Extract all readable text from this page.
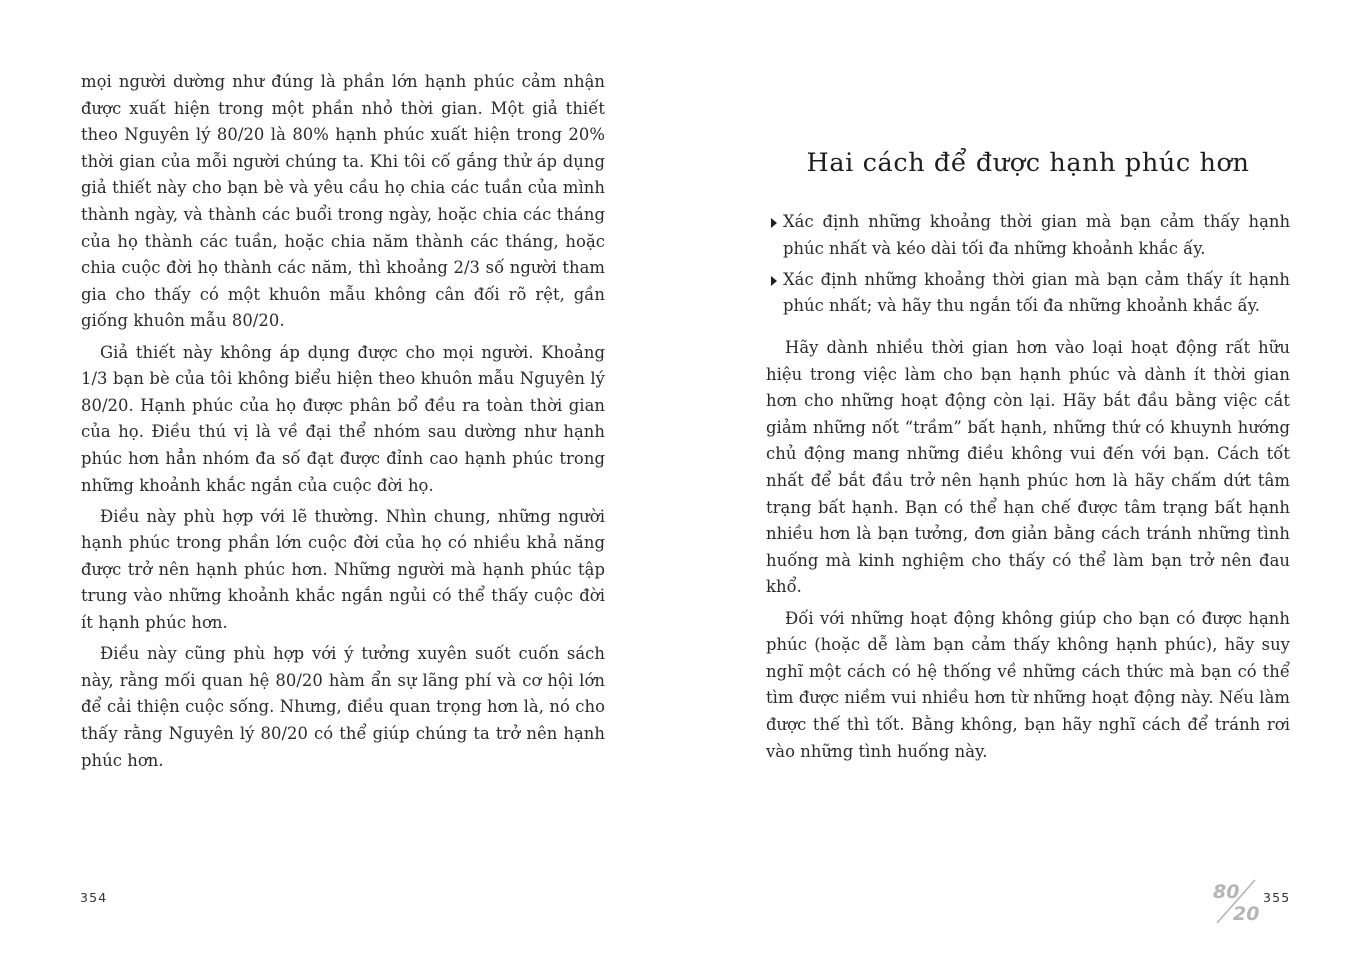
mọi người dường như đúng là phần lớn hạnh phúc cảm nhận được xuất hiện trong một phần nhỏ thời gian. Một giả thiết theo Nguyên lý 80/20 là 80% hạnh phúc xuất hiện trong 20% thời gian của mỗi người chúng ta. Khi tôi cố gắng thử áp dụng giả thiết này cho bạn bè và yêu cầu họ chia các tuần của mình thành ngày, và thành các buổi trong ngày, hoặc chia các tháng của họ thành các tuần, hoặc chia năm thành các tháng, hoặc chia cuộc đời họ thành các năm, thì khoảng 2/3 số người tham gia cho thấy có một khuôn mẫu không cân đối rõ rệt, gần giống khuôn mẫu 80/20.

Giả thiết này không áp dụng được cho mọi người. Khoảng 1/3 bạn bè của tôi không biểu hiện theo khuôn mẫu Nguyên lý 80/20. Hạnh phúc của họ được phân bổ đều ra toàn thời gian của họ. Điều thú vị là về đại thể nhóm sau dường như hạnh phúc hơn hẳn nhóm đa số đạt được đỉnh cao hạnh phúc trong những khoảnh khắc ngắn của cuộc đời họ.

Điều này phù hợp với lẽ thường. Nhìn chung, những người hạnh phúc trong phần lớn cuộc đời của họ có nhiều khả năng được trở nên hạnh phúc hơn. Những người mà hạnh phúc tập trung vào những khoảnh khắc ngắn ngủi có thể thấy cuộc đời ít hạnh phúc hơn.

Điều này cũng phù hợp với ý tưởng xuyên suốt cuốn sách này, rằng mối quan hệ 80/20 hàm ẩn sự lãng phí và cơ hội lớn để cải thiện cuộc sống. Nhưng, điều quan trọng hơn là, nó cho thấy rằng Nguyên lý 80/20 có thể giúp chúng ta trở nên hạnh phúc hơn.

354
Hai cách để được hạnh phúc hơn
Xác định những khoảng thời gian mà bạn cảm thấy hạnh phúc nhất và kéo dài tối đa những khoảnh khắc ấy.
Xác định những khoảng thời gian mà bạn cảm thấy ít hạnh phúc nhất; và hãy thu ngắn tối đa những khoảnh khắc ấy.

Hãy dành nhiều thời gian hơn vào loại hoạt động rất hữu hiệu trong việc làm cho bạn hạnh phúc và dành ít thời gian hơn cho những hoạt động còn lại. Hãy bắt đầu bằng việc cắt giảm những nốt “trầm” bất hạnh, những thứ có khuynh hướng chủ động mang những điều không vui đến với bạn. Cách tốt nhất để bắt đầu trở nên hạnh phúc hơn là hãy chấm dứt tâm trạng bất hạnh. Bạn có thể hạn chế được tâm trạng bất hạnh nhiều hơn là bạn tưởng, đơn giản bằng cách tránh những tình huống mà kinh nghiệm cho thấy có thể làm bạn trở nên đau khổ.

Đối với những hoạt động không giúp cho bạn có được hạnh phúc (hoặc dễ làm bạn cảm thấy không hạnh phúc), hãy suy nghĩ một cách có hệ thống về những cách thức mà bạn có thể tìm được niềm vui nhiều hơn từ những hoạt động này. Nếu làm được thế thì tốt. Bằng không, bạn hãy nghĩ cách để tránh rơi vào những tình huống này.

80
20
355
